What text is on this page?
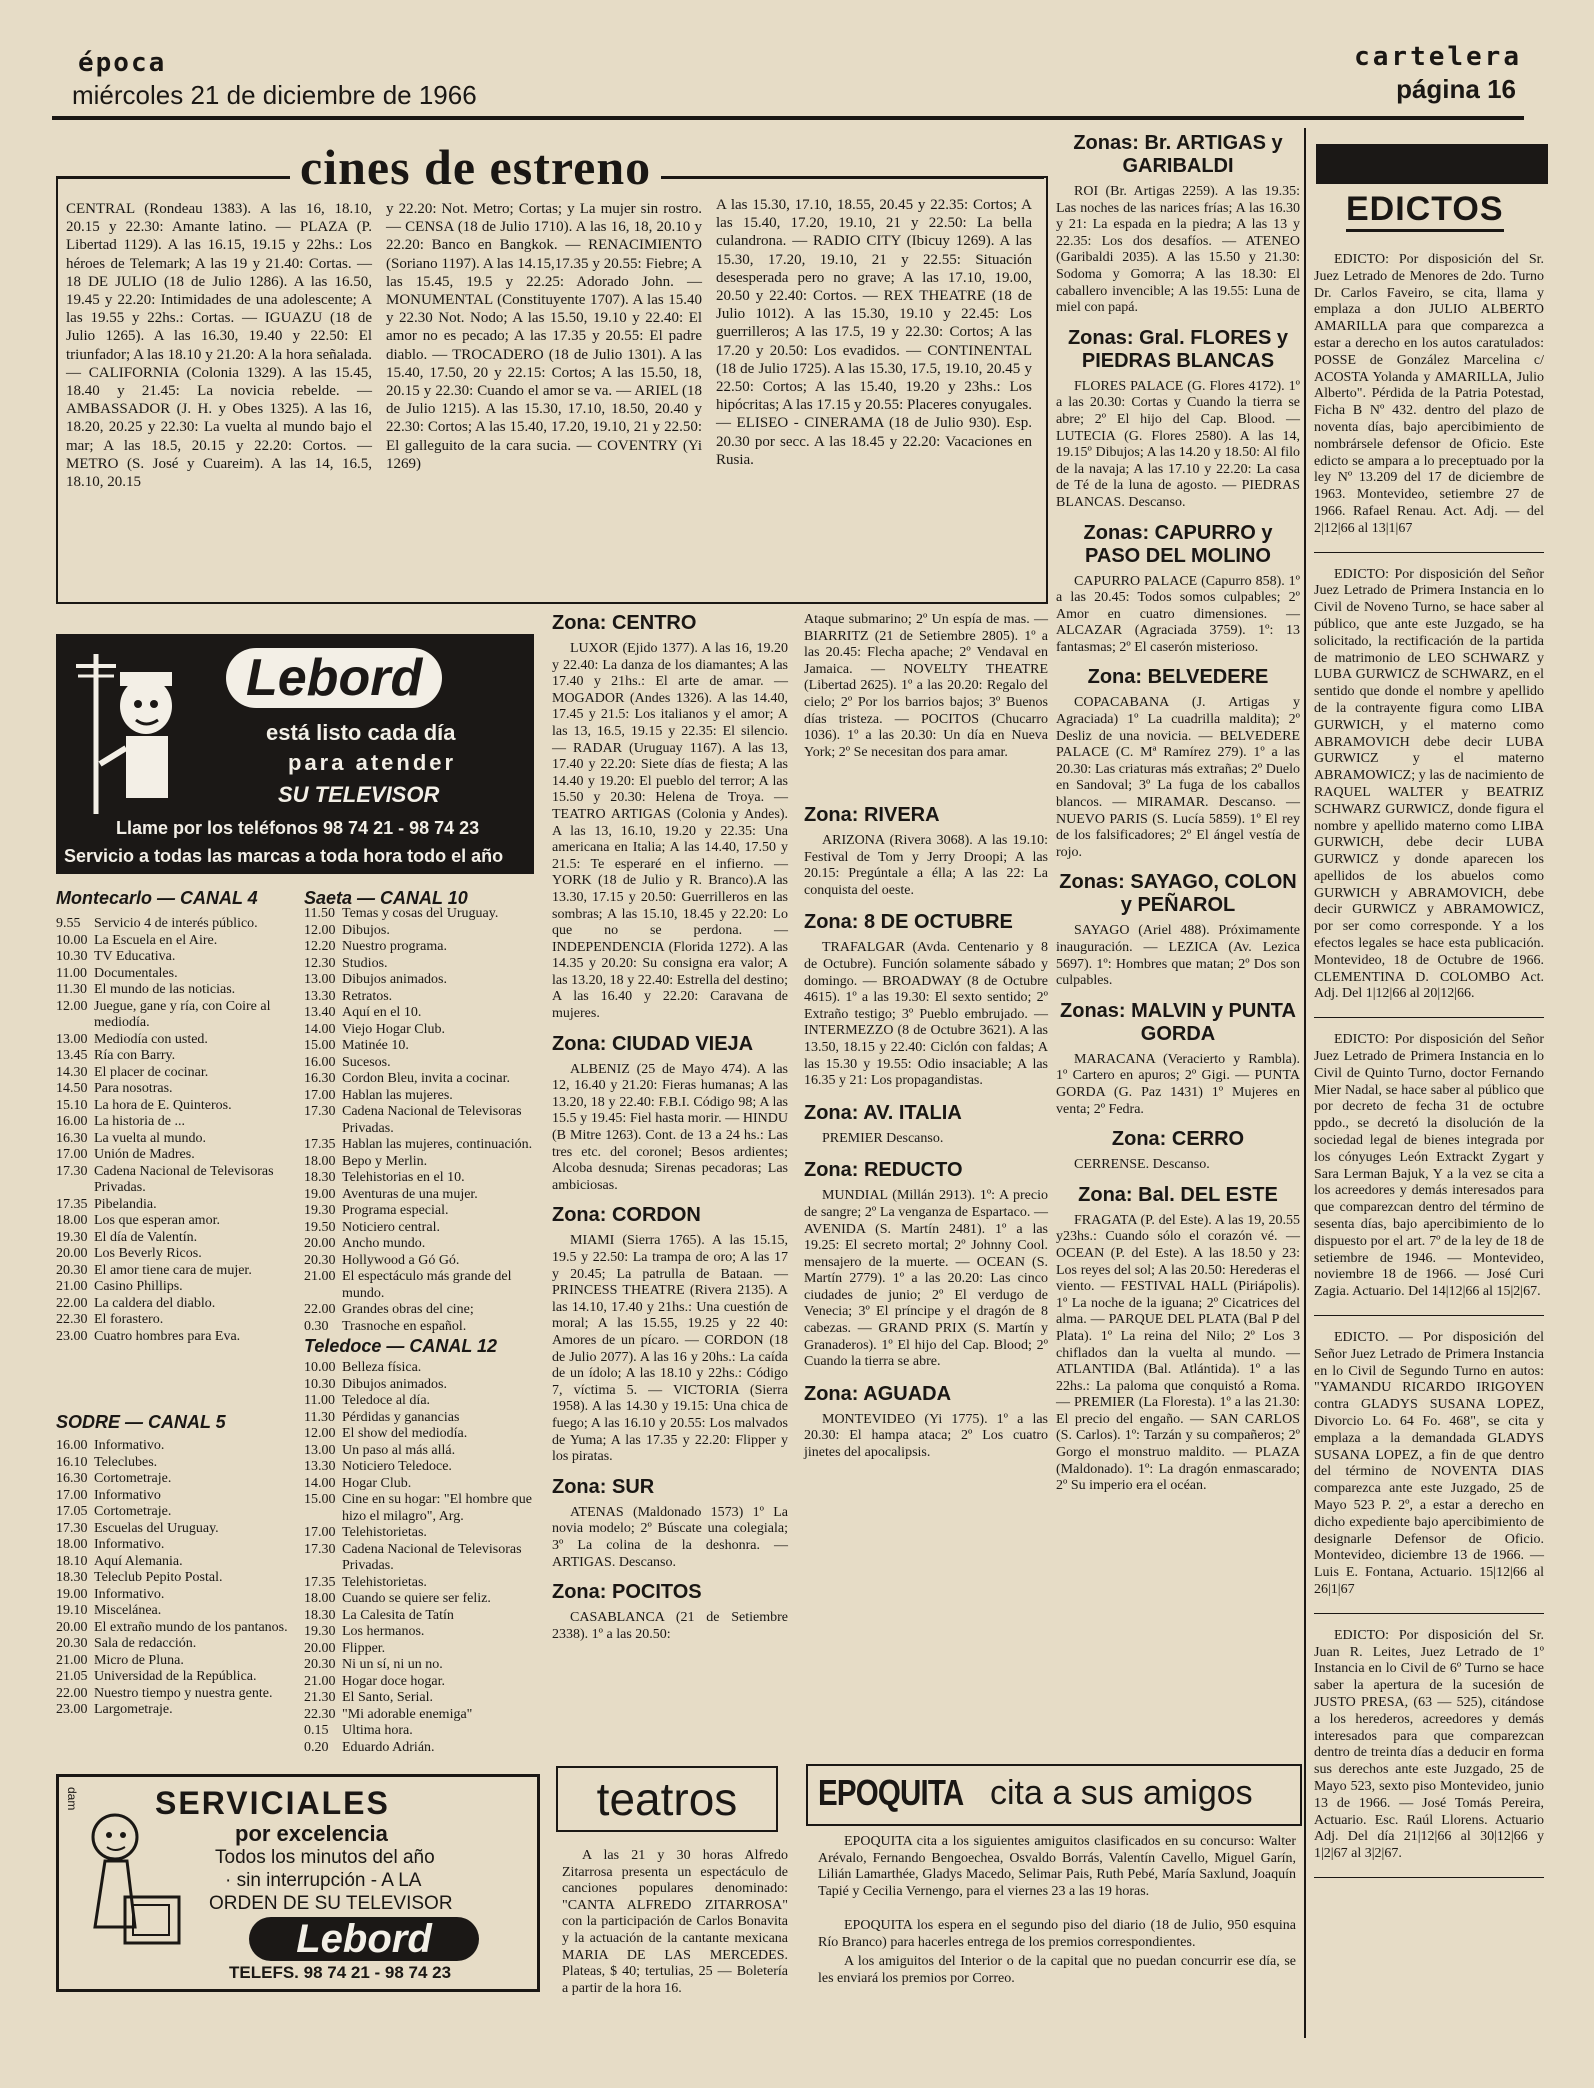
época
miércoles 21 de diciembre de 1966
cartelera
página 16
cines de estreno
CENTRAL (Rondeau 1383). A las 16, 18.10, 20.15 y 22.30: Amante latino. — PLAZA (P. Libertad 1129). A las 16.15, 19.15 y 22hs.: Los héroes de Telemark; A las 19 y 21.40: Cortas. — 18 DE JULIO (18 de Julio 1286). A las 16.50, 19.45 y 22.20: Intimidades de una adolescente; A las 19.55 y 22hs.: Cortas. — IGUAZU (18 de Julio 1265). A las 16.30, 19.40 y 22.50: El triunfador; A las 18.10 y 21.20: A la hora señalada. — CALIFORNIA (Colonia 1329). A las 15.45, 18.40 y 21.45: La novicia rebelde. — AMBASSADOR (J. H. y Obes 1325). A las 16, 18.20, 20.25 y 22.30: La vuelta al mundo bajo el mar; A las 18.5, 20.15 y 22.20: Cortos. — METRO (S. José y Cuareim). A las 14, 16.5, 18.10, 20.15
y 22.20: Not. Metro; Cortas; y La mujer sin rostro. — CENSA (18 de Julio 1710). A las 16, 18, 20.10 y 22.20: Banco en Bangkok. — RENACIMIENTO (Soriano 1197). A las 14.15,17.35 y 20.55: Fiebre; A las 15.45, 19.5 y 22.25: Adorado John. — MONUMENTAL (Constituyente 1707). A las 15.40 y 22.30 Not. Nodo; A las 15.50, 19.10 y 22.40: El amor no es pecado; A las 17.35 y 20.55: El padre diablo. — TROCADERO (18 de Julio 1301). A las 15.40, 17.50, 20 y 22.15: Cortos; A las 15.50, 18, 20.15 y 22.30: Cuando el amor se va. — ARIEL (18 de Julio 1215). A las 15.30, 17.10, 18.50, 20.40 y 22.30: Cortos; A las 15.40, 17.20, 19.10, 21 y 22.50: El galleguito de la cara sucia. — COVENTRY (Yi 1269)
A las 15.30, 17.10, 18.55, 20.45 y 22.35: Cortos; A las 15.40, 17.20, 19.10, 21 y 22.50: La bella culandrona. — RADIO CITY (Ibicuy 1269). A las 15.30, 17.20, 19.10, 21 y 22.55: Situación desesperada pero no grave; A las 17.10, 19.00, 20.50 y 22.40: Cortos. — REX THEATRE (18 de Julio 1012). A las 15.30, 19.10 y 22.45: Los guerrilleros; A las 17.5, 19 y 22.30: Cortos; A las 17.20 y 20.50: Los evadidos. — CONTINENTAL (18 de Julio 1725). A las 15.30, 17.5, 19.10, 20.45 y 22.50: Cortos; A las 15.40, 19.20 y 23hs.: Los hipócritas; A las 17.15 y 20.55: Placeres conyugales. — ELISEO - CINERAMA (18 de Julio 930). Esp. 20.30 por secc. A las 18.45 y 22.20: Vacaciones en Rusia.
Lebord
está listo cada día
para atender
SU TELEVISOR
Llame por los teléfonos 98 74 21 - 98 74 23
Servicio a todas las marcas a toda hora todo el año
Montecarlo — CANAL 4
9.55 Servicio 4 de interés público.
10.00 La Escuela en el Aire.
10.30 TV Educativa.
11.00 Documentales.
11.30 El mundo de las noticias.
12.00 Juegue, gane y ría, con Coire al mediodía.
13.00 Mediodía con usted.
13.45 Ría con Barry.
14.30 El placer de cocinar.
14.50 Para nosotras.
15.10 La hora de E. Quinteros.
16.00 La historia de ...
16.30 La vuelta al mundo.
17.00 Unión de Madres.
17.30 Cadena Nacional de Televisoras Privadas.
17.35 Pibelandia.
18.00 Los que esperan amor.
19.30 El día de Valentín.
20.00 Los Beverly Ricos.
20.30 El amor tiene cara de mujer.
21.00 Casino Phillips.
22.00 La caldera del diablo.
22.30 El forastero.
23.00 Cuatro hombres para Eva.
Saeta — CANAL 10
11.50 Temas y cosas del Uruguay.
12.00 Dibujos.
12.20 Nuestro programa.
12.30 Studios.
13.00 Dibujos animados.
13.30 Retratos.
13.40 Aquí en el 10.
14.00 Viejo Hogar Club.
15.00 Matinée 10.
16.00 Sucesos.
16.30 Cordon Bleu, invita a cocinar.
17.00 Hablan las mujeres.
17.30 Cadena Nacional de Televisoras Privadas.
17.35 Hablan las mujeres, continuación.
18.00 Bepo y Merlin.
18.30 Telehistorias en el 10.
19.00 Aventuras de una mujer.
19.30 Programa especial.
19.50 Noticiero central.
20.00 Ancho mundo.
20.30 Hollywood a Gó Gó.
21.00 El espectáculo más grande del mundo.
22.00 Grandes obras del cine;
0.30 Trasnoche en español.
SODRE — CANAL 5
16.00 Informativo.
16.10 Teleclubes.
16.30 Cortometraje.
17.00 Informativo
17.05 Cortometraje.
17.30 Escuelas del Uruguay.
18.00 Informativo.
18.10 Aquí Alemania.
18.30 Teleclub Pepito Postal.
19.00 Informativo.
19.10 Miscelánea.
20.00 El extraño mundo de los pantanos.
20.30 Sala de redacción.
21.00 Micro de Pluna.
21.05 Universidad de la República.
22.00 Nuestro tiempo y nuestra gente.
23.00 Largometraje.
Teledoce — CANAL 12
10.00 Belleza física.
10.30 Dibujos animados.
11.00 Teledoce al día.
11.30 Pérdidas y ganancias
12.00 El show del mediodía.
13.00 Un paso al más allá.
13.30 Noticiero Teledoce.
14.00 Hogar Club.
15.00 Cine en su hogar: "El hombre que hizo el milagro", Arg.
17.00 Telehistorietas.
17.30 Cadena Nacional de Televisoras Privadas.
17.35 Telehistorietas.
18.00 Cuando se quiere ser feliz.
18.30 La Calesita de Tatín
19.30 Los hermanos.
20.00 Flipper.
20.30 Ni un sí, ni un no.
21.00 Hogar doce hogar.
21.30 El Santo, Serial.
22.30 "Mi adorable enemiga"
0.15 Ultima hora.
0.20 Eduardo Adrián.
dam SERVICIALES
por excelencia
Todos los minutos del año
· sin interrupción - A LA
ORDEN DE SU TELEVISOR
Lebord
TELEFS. 98 74 21 - 98 74 23
Zona: CENTRO
LUXOR (Ejido 1377). A las 16, 19.20 y 22.40: La danza de los diamantes; A las 17.40 y 21hs.: El arte de amar. — MOGADOR (Andes 1326). A las 14.40, 17.45 y 21.5: Los italianos y el amor; A las 13, 16.5, 19.15 y 22.35: El silencio. — RADAR (Uruguay 1167). A las 13, 17.40 y 22.20: Siete días de fiesta; A las 14.40 y 19.20: El pueblo del terror; A las 15.50 y 20.30: Helena de Troya. — TEATRO ARTIGAS (Colonia y Andes). A las 13, 16.10, 19.20 y 22.35: Una americana en Italia; A las 14.40, 17.50 y 21.5: Te esperaré en el infierno. — YORK (18 de Julio y R. Branco).A las 13.30, 17.15 y 20.50: Guerrilleros en las sombras; A las 15.10, 18.45 y 22.20: Lo que no se perdona. — INDEPENDENCIA (Florida 1272). A las 14.35 y 20.20: Su consigna era valor; A las 13.20, 18 y 22.40: Estrella del destino; A las 16.40 y 22.20: Caravana de mujeres.
Zona: CIUDAD VIEJA
ALBENIZ (25 de Mayo 474). A las 12, 16.40 y 21.20: Fieras humanas; A las 13.20, 18 y 22.40: F.B.I. Código 98; A las 15.5 y 19.45: Fiel hasta morir. — HINDU (B Mitre 1263). Cont. de 13 a 24 hs.: Las tres etc. del coronel; Besos ardientes; Alcoba desnuda; Sirenas pecadoras; Las ambiciosas.
Zona: CORDON
MIAMI (Sierra 1765). A las 15.15, 19.5 y 22.50: La trampa de oro; A las 17 y 20.45; La patrulla de Bataan. — PRINCESS THEATRE (Rivera 2135). A las 14.10, 17.40 y 21hs.: Una cuestión de moral; A las 15.55, 19.25 y 22 40: Amores de un pícaro. — CORDON (18 de Julio 2077). A las 16 y 20hs.: La caída de un ídolo; A las 18.10 y 22hs.: Código 7, víctima 5. — VICTORIA (Sierra 1958). A las 14.30 y 19.15: Una chica de fuego; A las 16.10 y 20.55: Los malvados de Yuma; A las 17.35 y 22.20: Flipper y los piratas.
Zona: SUR
ATENAS (Maldonado 1573) 1º La novia modelo; 2º Búscate una colegiala; 3º La colina de la deshonra. — ARTIGAS. Descanso.
Zona: POCITOS
CASABLANCA (21 de Setiembre 2338). 1º a las 20.50:
Ataque submarino; 2º Un espía de mas. — BIARRITZ (21 de Setiembre 2805). 1º a las 20.45: Flecha apache; 2º Vendaval en Jamaica. — NOVELTY THEATRE (Libertad 2625). 1º a las 20.20: Regalo del cielo; 2º Por los barrios bajos; 3º Buenos días tristeza. — POCITOS (Chucarro 1036). 1º a las 20.30: Un día en Nueva York; 2º Se necesitan dos para amar.
Zona: RIVERA
ARIZONA (Rivera 3068). A las 19.10: Festival de Tom y Jerry Droopi; A las 20.15: Pregúntale a élla; A las 22: La conquista del oeste.
Zona: 8 DE OCTUBRE
TRAFALGAR (Avda. Centenario y 8 de Octubre). Función solamente sábado y domingo. — BROADWAY (8 de Octubre 4615). 1º a las 19.30: El sexto sentido; 2º Extraño testigo; 3º Pueblo embrujado. — INTERMEZZO (8 de Octubre 3621). A las 13.50, 18.15 y 22.40: Ciclón con faldas; A las 15.30 y 19.55: Odio insaciable; A las 16.35 y 21: Los propagandistas.
Zona: AV. ITALIA
PREMIER Descanso.
Zona: REDUCTO
MUNDIAL (Millán 2913). 1º: A precio de sangre; 2º La venganza de Espartaco. — AVENIDA (S. Martín 2481). 1º a las 19.25: El secreto mortal; 2º Johnny Cool. mensajero de la muerte. — OCEAN (S. Martín 2779). 1º a las 20.20: Las cinco ciudades de junio; 2º El verdugo de Venecia; 3º El príncipe y el dragón de 8 cabezas. — GRAND PRIX (S. Martín y Granaderos). 1º El hijo del Cap. Blood; 2º Cuando la tierra se abre.
Zona: AGUADA
MONTEVIDEO (Yi 1775). 1º a las 20.30: El hampa ataca; 2º Los cuatro jinetes del apocalipsis.
Zonas: Br. ARTIGAS y GARIBALDI
ROI (Br. Artigas 2259). A las 19.35: Las noches de las narices frías; A las 16.30 y 21: La espada en la piedra; A las 13 y 22.35: Los dos desafíos. — ATENEO (Garibaldi 2035). A las 15.50 y 21.30: Sodoma y Gomorra; A las 18.30: El caballero invencible; A las 19.55: Luna de miel con papá.
Zonas: Gral. FLORES y PIEDRAS BLANCAS
FLORES PALACE (G. Flores 4172). 1º a las 20.30: Cortas y Cuando la tierra se abre; 2º El hijo del Cap. Blood. — LUTECIA (G. Flores 2580). A las 14, 19.15º Dibujos; A las 14.20 y 18.50: Al filo de la navaja; A las 17.10 y 22.20: La casa de Té de la luna de agosto. — PIEDRAS BLANCAS. Descanso.
Zonas: CAPURRO y PASO DEL MOLINO
CAPURRO PALACE (Capurro 858). 1º a las 20.45: Todos somos culpables; 2º Amor en cuatro dimensiones. — ALCAZAR (Agraciada 3759). 1º: 13 fantasmas; 2º El caserón misterioso.
Zona: BELVEDERE
COPACABANA (J. Artigas y Agraciada) 1º La cuadrilla maldita); 2º Desliz de una novicia. — BELVEDERE PALACE (C. Mª Ramírez 279). 1º a las 20.30: Las criaturas más extrañas; 2º Duelo en Sandoval; 3º La fuga de los caballos blancos. — MIRAMAR. Descanso. — NUEVO PARIS (S. Lucía 5859). 1º El rey de los falsificadores; 2º El ángel vestía de rojo.
Zonas: SAYAGO, COLON y PEÑAROL
SAYAGO (Ariel 488). Próximamente inauguración. — LEZICA (Av. Lezica 5697). 1º: Hombres que matan; 2º Dos son culpables.
Zonas: MALVIN y PUNTA GORDA
MARACANA (Veracierto y Rambla). 1º Cartero en apuros; 2º Gigi. — PUNTA GORDA (G. Paz 1431) 1º Mujeres en venta; 2º Fedra.
Zona: CERRO
CERRENSE. Descanso.
Zona: Bal. DEL ESTE
FRAGATA (P. del Este). A las 19, 20.55 y23hs.: Cuando sólo el corazón vé. — OCEAN (P. del Este). A las 18.50 y 23: Los reyes del sol; A las 20.50: Herederas el viento. — FESTIVAL HALL (Piriápolis). 1º La noche de la iguana; 2º Cicatrices del alma. — PARQUE DEL PLATA (Bal P del Plata). 1º La reina del Nilo; 2º Los 3 chiflados dan la vuelta al mundo. — ATLANTIDA (Bal. Atlántida). 1º a las 22hs.: La paloma que conquistó a Roma. — PREMIER (La Floresta). 1º a las 21.30: El precio del engaño. — SAN CARLOS (S. Carlos). 1º: Tarzán y su compañeros; 2º Gorgo el monstruo maldito. — PLAZA (Maldonado). 1º: La dragón enmascarado; 2º Su imperio era el océan.
teatros
A las 21 y 30 horas Alfredo Zitarrosa presenta un espectáculo de canciones populares denominado: "CANTA ALFREDO ZITARROSA" con la participación de Carlos Bonavita y la actuación de la cantante mexicana MARIA DE LAS MERCEDES. Plateas, $ 40; tertulias, 25 — Boletería a partir de la hora 16.
EPOQUITA cita a sus amigos
EPOQUITA cita a los siguientes amiguitos clasificados en su concurso: Walter Arévalo, Fernando Bengoechea, Osvaldo Borrás, Valentín Cavello, Miguel Garín, Lilián Lamarthée, Gladys Macedo, Selimar Pais, Ruth Pebé, María Saxlund, Joaquín Tapié y Cecilia Vernengo, para el viernes 23 a las 19 horas.
EPOQUITA los espera en el segundo piso del diario (18 de Julio, 950 esquina Río Branco) para hacerles entrega de los premios correspondientes.
A los amiguitos del Interior o de la capital que no puedan concurrir ese día, se les enviará los premios por Correo.
EDICTOS
EDICTO: Por disposición del Sr. Juez Letrado de Menores de 2do. Turno Dr. Carlos Faveiro, se cita, llama y emplaza a don JULIO ALBERTO AMARILLA para que comparezca a estar a derecho en los autos caratulados: POSSE de González Marcelina c/ ACOSTA Yolanda y AMARILLA, Julio Alberto". Pérdida de la Patria Potestad, Ficha B Nº 432. dentro del plazo de noventa días, bajo apercibimiento de nombrársele defensor de Oficio. Este edicto se ampara a lo preceptuado por la ley Nº 13.209 del 17 de diciembre de 1963. Montevideo, setiembre 27 de 1966. Rafael Renau. Act. Adj. — del 2|12|66 al 13|1|67
EDICTO: Por disposición del Señor Juez Letrado de Primera Instancia en lo Civil de Noveno Turno, se hace saber al público, que ante este Juzgado, se ha solicitado, la rectificación de la partida de matrimonio de LEO SCHWARZ y LUBA GURWICZ de SCHWARZ, en el sentido que donde el nombre y apellido de la contrayente figura como LIBA GURWICH, y el materno como ABRAMOVICH debe decir LUBA GURWICZ y el materno ABRAMOWICZ; y las de nacimiento de RAQUEL WALTER y BEATRIZ SCHWARZ GURWICZ, donde figura el nombre y apellido materno como LIBA GURWICH, debe decir LUBA GURWICZ y donde aparecen los apellidos de los abuelos como GURWICH y ABRAMOVICH, debe decir GURWICZ y ABRAMOWICZ, por ser como corresponde. Y a los efectos legales se hace esta publicación. Montevideo, 18 de Octubre de 1966. CLEMENTINA D. COLOMBO Act. Adj. Del 1|12|66 al 20|12|66.
EDICTO: Por disposición del Señor Juez Letrado de Primera Instancia en lo Civil de Quinto Turno, doctor Fernando Mier Nadal, se hace saber al público que por decreto de fecha 31 de octubre ppdo., se decretó la disolución de la sociedad legal de bienes integrada por los cónyuges León Extrackt Zygart y Sara Lerman Bajuk, Y a la vez se cita a los acreedores y demás interesados para que comparezcan dentro del término de sesenta días, bajo apercibimiento de lo dispuesto por el art. 7º de la ley de 18 de setiembre de 1946. — Montevideo, noviembre 18 de 1966. — José Curi Zagia. Actuario. Del 14|12|66 al 15|2|67.
EDICTO. — Por disposición del Señor Juez Letrado de Primera Instancia en lo Civil de Segundo Turno en autos: "YAMANDU RICARDO IRIGOYEN contra GLADYS SUSANA LOPEZ, Divorcio Lo. 64 Fo. 468", se cita y emplaza a la demandada GLADYS SUSANA LOPEZ, a fin de que dentro del término de NOVENTA DIAS comparezca ante este Juzgado, 25 de Mayo 523 P. 2º, a estar a derecho en dicho expediente bajo apercibimiento de designarle Defensor de Oficio. Montevideo, diciembre 13 de 1966. — Luis E. Fontana, Actuario. 15|12|66 al 26|1|67
EDICTO: Por disposición del Sr. Juan R. Leites, Juez Letrado de 1º Instancia en lo Civil de 6º Turno se hace saber la apertura de la sucesión de JUSTO PRESA, (63 — 525), citándose a los herederos, acreedores y demás interesados para que comparezcan dentro de treinta días a deducir en forma sus derechos ante este Juzgado, 25 de Mayo 523, sexto piso Montevideo, junio 13 de 1966. — José Tomás Pereira, Actuario. Esc. Raúl Llorens. Actuario Adj. Del día 21|12|66 al 30|12|66 y 1|2|67 al 3|2|67.
